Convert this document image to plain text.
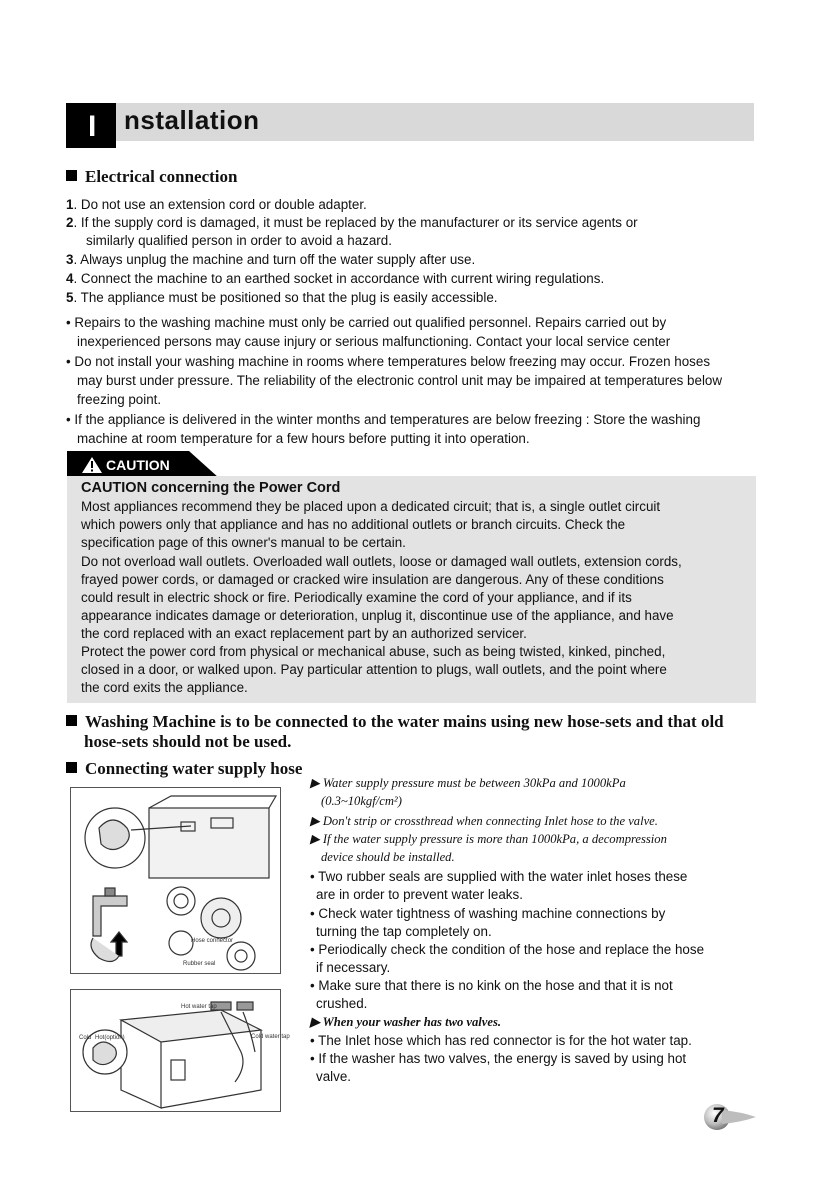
I nstallation
Electrical connection
1. Do not use an extension cord or double adapter.
2. If the supply cord is damaged, it must be replaced by the manufacturer or its service agents or
similarly qualified person in order to avoid a hazard.
3. Always unplug the machine and turn off the water supply after use.
4. Connect the machine to an earthed socket in accordance with current wiring regulations.
5. The appliance must be positioned so that the plug is easily accessible.
• Repairs to the washing machine must only be carried out qualified personnel. Repairs carried out by
inexperienced persons may cause injury or serious malfunctioning. Contact your local service center
• Do not install your washing machine in rooms where temperatures below freezing may occur. Frozen hoses
may burst under pressure. The reliability of the electronic control unit may be impaired at temperatures below
freezing point.
• If the appliance is delivered in the winter months and temperatures are below freezing : Store the washing
machine at room temperature for a few hours before putting it into operation.
CAUTION
CAUTION concerning the Power Cord
Most appliances recommend they be placed upon a dedicated circuit; that is, a single outlet circuit
which powers only that appliance and has no additional outlets or branch circuits. Check the
specification page of this owner's manual to be certain.
Do not overload wall outlets. Overloaded wall outlets, loose or damaged wall outlets, extension cords,
frayed power cords, or damaged or cracked wire insulation are dangerous. Any of these conditions
could result in electric shock or fire. Periodically examine the cord of your appliance, and if its
appearance indicates damage or deterioration, unplug it, discontinue use of the appliance, and have
the cord replaced with an exact replacement part by an authorized servicer.
Protect the power cord from physical or mechanical abuse, such as being twisted, kinked, pinched,
closed in a door, or walked upon. Pay particular attention to plugs, wall outlets, and the point where
the cord exits the appliance.
Washing Machine is to be connected to the water mains using new hose-sets and that old
hose-sets should not be used.
Connecting water supply hose
Hose connector
Rubber seal
Hot water tap
Cold Hot(option)	Cold water tap
▶ Water supply pressure must be between 30kPa and 1000kPa
(0.3~10kgf/cm²)
▶ Don't strip or crossthread when connecting Inlet hose to the valve.
▶ If the water supply pressure is more than 1000kPa, a decompression
device should be installed.
• Two rubber seals are supplied with the water inlet hoses these
are in order to prevent water leaks.
• Check water tightness of washing machine connections by
turning the tap completely on.
• Periodically check the condition of the hose and replace the hose
if necessary.
• Make sure that there is no kink on the hose and that it is not
crushed.
▶ When your washer has two valves.
• The Inlet hose which has red connector is for the hot water tap.
• If the washer has two valves, the energy is saved by using hot
valve.
7
